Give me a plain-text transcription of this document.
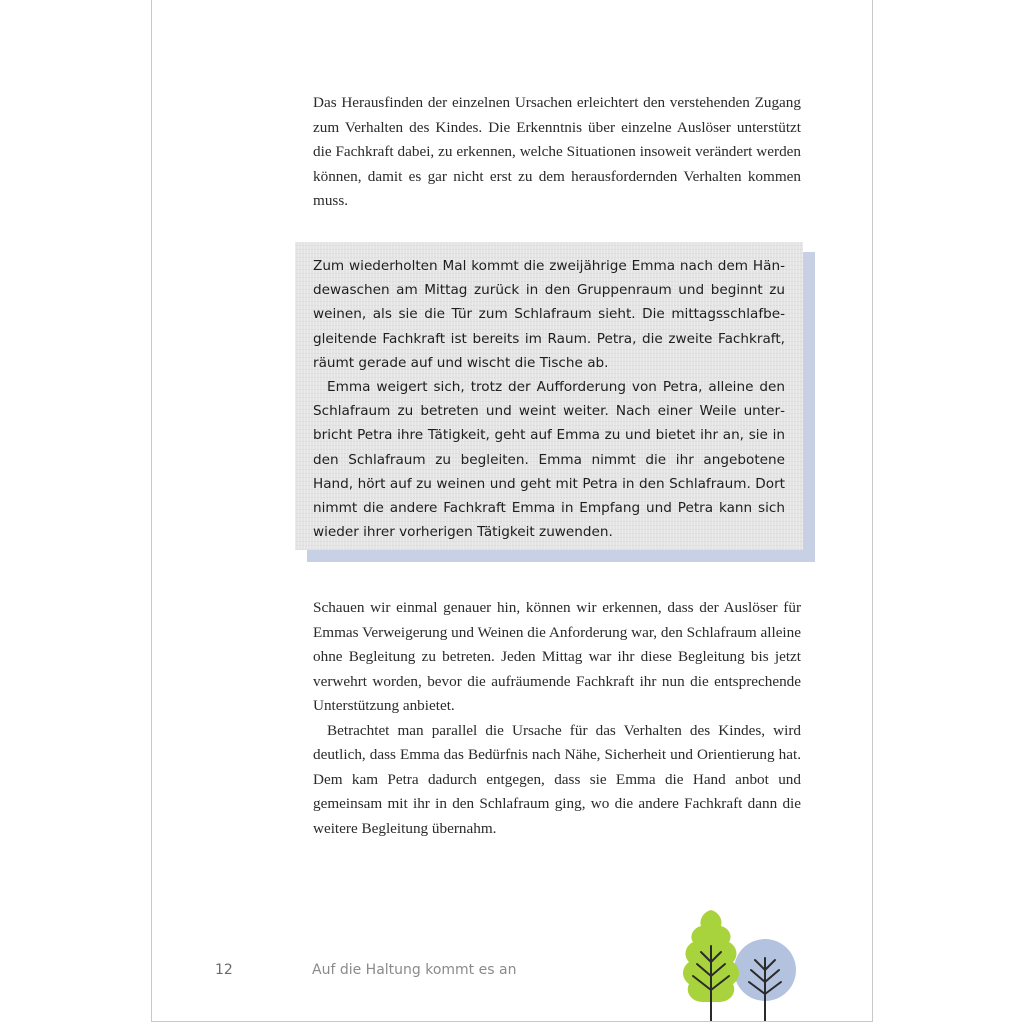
Das Herausfinden der einzelnen Ursachen erleichtert den verstehenden Zugang zum Verhalten des Kindes. Die Erkenntnis über einzelne Auslöser unterstützt die Fachkraft dabei, zu erkennen, welche Situationen insoweit verändert werden können, damit es gar nicht erst zu dem herausfordernden Verhalten kommen muss.

Zum wiederholten Mal kommt die zweijährige Emma nach dem Händewaschen am Mittag zurück in den Gruppenraum und beginnt zu weinen, als sie die Tür zum Schlafraum sieht. Die mittagsschlafbegleitende Fachkraft ist bereits im Raum. Petra, die zweite Fachkraft, räumt gerade auf und wischt die Tische ab.

Emma weigert sich, trotz der Aufforderung von Petra, alleine den Schlafraum zu betreten und weint weiter. Nach einer Weile unterbricht Petra ihre Tätigkeit, geht auf Emma zu und bietet ihr an, sie in den Schlafraum zu begleiten. Emma nimmt die ihr angebotene Hand, hört auf zu weinen und geht mit Petra in den Schlafraum. Dort nimmt die andere Fachkraft Emma in Empfang und Petra kann sich wieder ihrer vorherigen Tätigkeit zuwenden.

Schauen wir einmal genauer hin, können wir erkennen, dass der Auslöser für Emmas Verweigerung und Weinen die Anforderung war, den Schlafraum alleine ohne Begleitung zu betreten. Jeden Mittag war ihr diese Begleitung bis jetzt verwehrt worden, bevor die aufräumende Fachkraft ihr nun die entsprechende Unterstützung anbietet.

Betrachtet man parallel die Ursache für das Verhalten des Kindes, wird deutlich, dass Emma das Bedürfnis nach Nähe, Sicherheit und Orientierung hat. Dem kam Petra dadurch entgegen, dass sie Emma die Hand anbot und gemeinsam mit ihr in den Schlafraum ging, wo die andere Fachkraft dann die weitere Begleitung übernahm.

12	Auf die Haltung kommt es an
